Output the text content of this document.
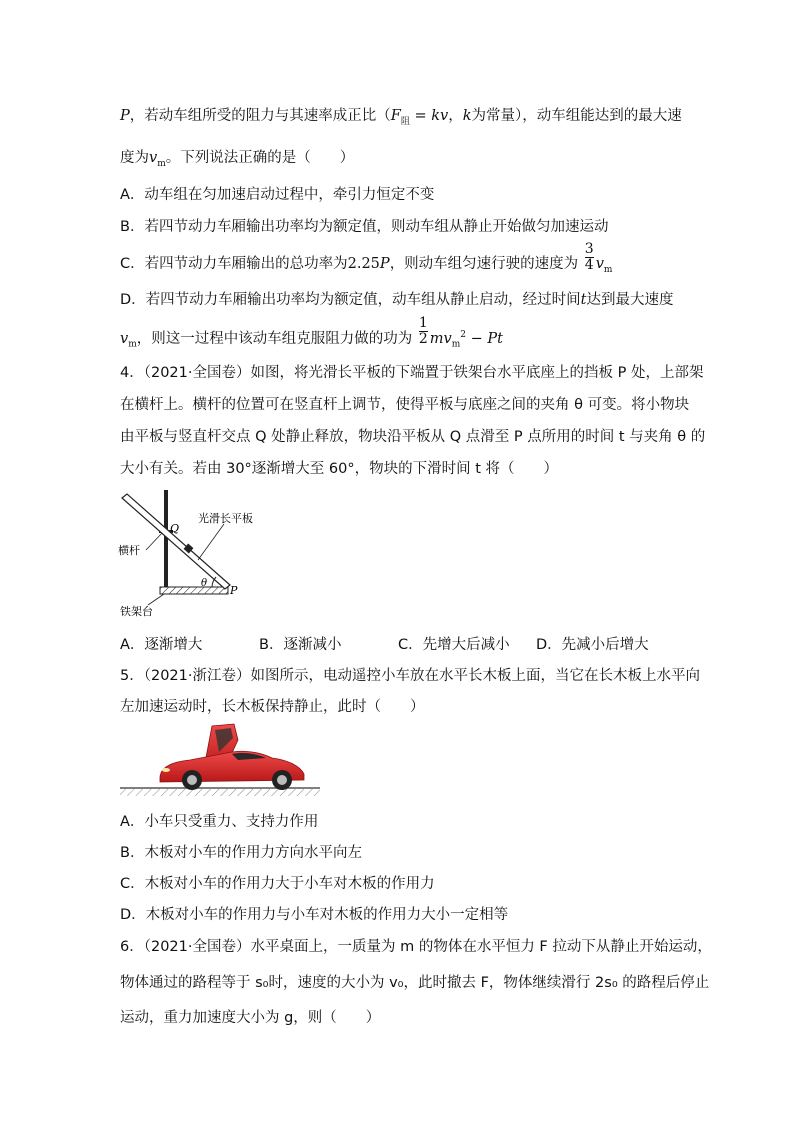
P，若动车组所受的阻力与其速率成正比（$F_阻$ = kv，k为常量），动车组能达到的最大速
度为$v_m$。下列说法正确的是（　　）
A．动车组在匀加速启动过程中，牵引力恒定不变
B．若四节动力车厢输出功率均为额定值，则动车组从静止开始做匀加速运动
C．若四节动力车厢输出的总功率为2.25P，则动车组匀速行驶的速度为 $\frac{3}{4} v_m$
D．若四节动力车厢输出功率均为额定值，动车组从静止启动，经过时间t达到最大速度
$v_m$，则这一过程中该动车组克服阻力做的功为 $\frac{1}{2} mv_m^2 - Pt$
4．（2021·全国卷）如图，将光滑长平板的下端置于铁架台水平底座上的挡板 P 处，上部架
在横杆上。横杆的位置可在竖直杆上调节，使得平板与底座之间的夹角 θ 可变。将小物块
由平板与竖直杆交点 Q 处静止释放，物块沿平板从 Q 点滑至 P 点所用的时间 t 与夹角 θ 的
大小有关。若由 30°逐渐增大至 60°，物块的下滑时间 t 将（　　）
光滑长平板
Q
横杆
θ
P
铁架台
A．逐渐增大	B．逐渐减小	C．先增大后减小 D．先减小后增大
5．（2021·浙江卷）如图所示，电动遥控小车放在水平长木板上面，当它在长木板上水平向
左加速运动时，长木板保持静止，此时（　　）
A．小车只受重力、支持力作用
B．木板对小车的作用力方向水平向左
C．木板对小车的作用力大于小车对木板的作用力
D．木板对小车的作用力与小车对木板的作用力大小一定相等
6．（2021·全国卷）水平桌面上，一质量为 m 的物体在水平恒力 F 拉动下从静止开始运动，
物体通过的路程等于 s₀时，速度的大小为 v₀，此时撤去 F，物体继续滑行 2s₀ 的路程后停止
运动，重力加速度大小为 g，则（　　）
